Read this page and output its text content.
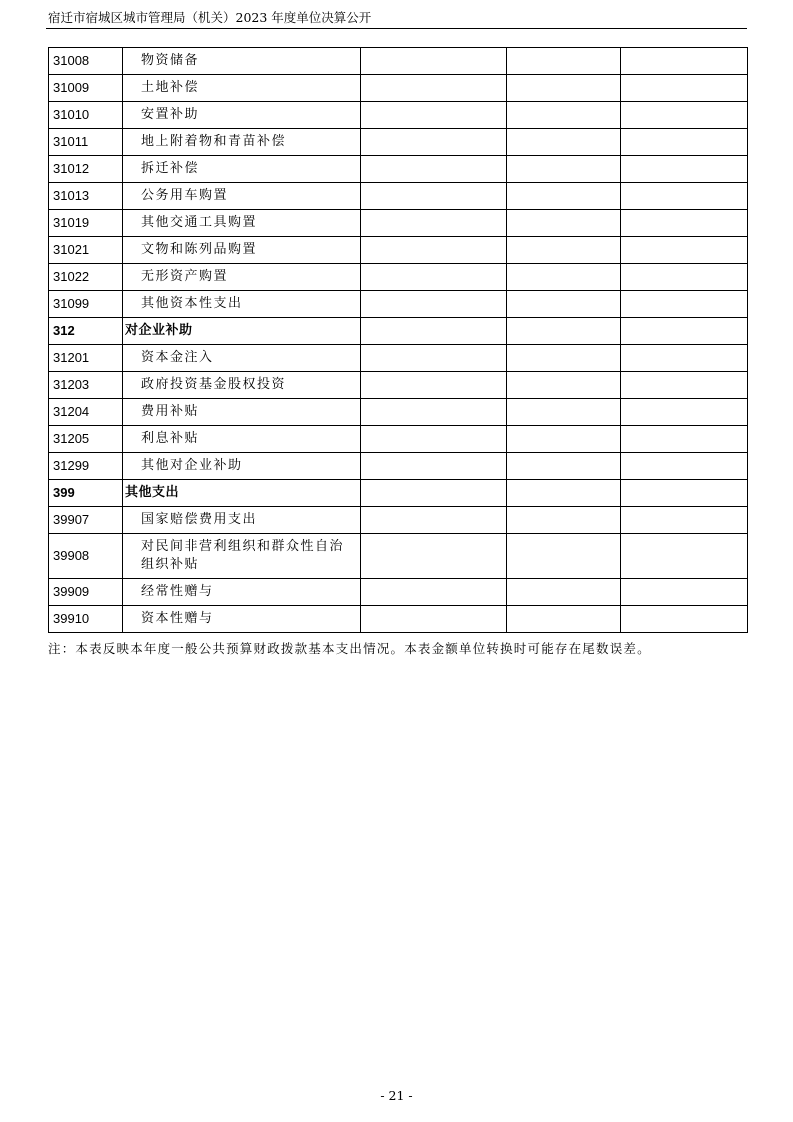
宿迁市宿城区城市管理局（机关）2023 年度单位决算公开
31008	物资储备			
31009	土地补偿			
31010	安置补助			
31011	地上附着物和青苗补偿			
31012	拆迁补偿			
31013	公务用车购置			
31019	其他交通工具购置			
31021	文物和陈列品购置			
31022	无形资产购置			
31099	其他资本性支出			
312	对企业补助			
31201	资本金注入			
31203	政府投资基金股权投资			
31204	费用补贴			
31205	利息补贴			
31299	其他对企业补助			
399	其他支出			
39907	国家赔偿费用支出			
39908	对民间非营利组织和群众性自治组织补贴			
39909	经常性赠与			
39910	资本性赠与			
注：本表反映本年度一般公共预算财政拨款基本支出情况。本表金额单位转换时可能存在尾数误差。
- 21 -
